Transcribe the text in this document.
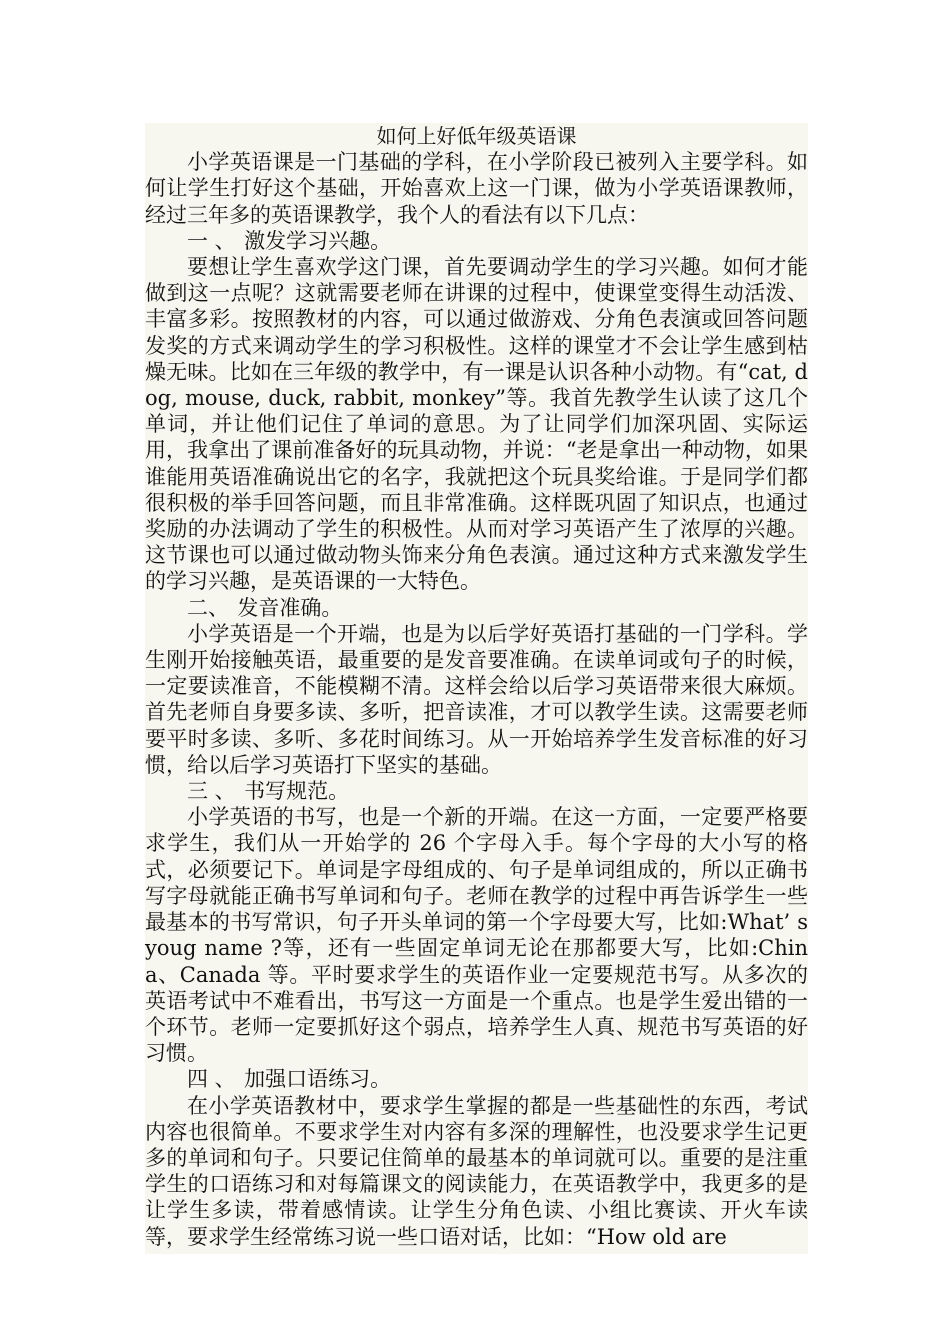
如何上好低年级英语课

小学英语课是一门基础的学科，在小学阶段已被列入主要学科。如何让学生打好这个基础，开始喜欢上这一门课，做为小学英语课教师，经过三年多的英语课教学，我个人的看法有以下几点：

一 、 激发学习兴趣。

要想让学生喜欢学这门课，首先要调动学生的学习兴趣。如何才能做到这一点呢？这就需要老师在讲课的过程中，使课堂变得生动活泼、丰富多彩。按照教材的内容，可以通过做游戏、分角色表演或回答问题发奖的方式来调动学生的学习积极性。这样的课堂才不会让学生感到枯燥无味。比如在三年级的教学中，有一课是认识各种小动物。有“cat, dog, mouse, duck, rabbit, monkey”等。我首先教学生认读了这几个单词，并让他们记住了单词的意思。为了让同学们加深巩固、实际运用，我拿出了课前准备好的玩具动物，并说：“老是拿出一种动物，如果谁能用英语准确说出它的名字，我就把这个玩具奖给谁。于是同学们都很积极的举手回答问题，而且非常准确。这样既巩固了知识点，也通过奖励的办法调动了学生的积极性。从而对学习英语产生了浓厚的兴趣。这节课也可以通过做动物头饰来分角色表演。通过这种方式来激发学生的学习兴趣，是英语课的一大特色。

二、 发音准确。

小学英语是一个开端，也是为以后学好英语打基础的一门学科。学生刚开始接触英语，最重要的是发音要准确。在读单词或句子的时候，一定要读准音，不能模糊不清。这样会给以后学习英语带来很大麻烦。首先老师自身要多读、多听，把音读准，才可以教学生读。这需要老师要平时多读、多听、多花时间练习。从一开始培养学生发音标准的好习惯，给以后学习英语打下坚实的基础。

三 、 书写规范。

小学英语的书写，也是一个新的开端。在这一方面，一定要严格要求学生，我们从一开始学的 26 个字母入手。每个字母的大小写的格式，必须要记下。单词是字母组成的、句子是单词组成的，所以正确书写字母就能正确书写单词和句子。老师在教学的过程中再告诉学生一些最基本的书写常识，句子开头单词的第一个字母要大写，比如:What’ s youg name ?等，还有一些固定单词无论在那都要大写，比如:China、Canada 等。平时要求学生的英语作业一定要规范书写。从多次的英语考试中不难看出，书写这一方面是一个重点。也是学生爱出错的一个环节。老师一定要抓好这个弱点，培养学生人真、规范书写英语的好习惯。

四 、 加强口语练习。

在小学英语教材中，要求学生掌握的都是一些基础性的东西，考试内容也很简单。不要求学生对内容有多深的理解性，也没要求学生记更多的单词和句子。只要记住简单的最基本的单词就可以。重要的是注重学生的口语练习和对每篇课文的阅读能力，在英语教学中，我更多的是让学生多读，带着感情读。让学生分角色读、小组比赛读、开火车读等，要求学生经常练习说一些口语对话，比如：“How old are
